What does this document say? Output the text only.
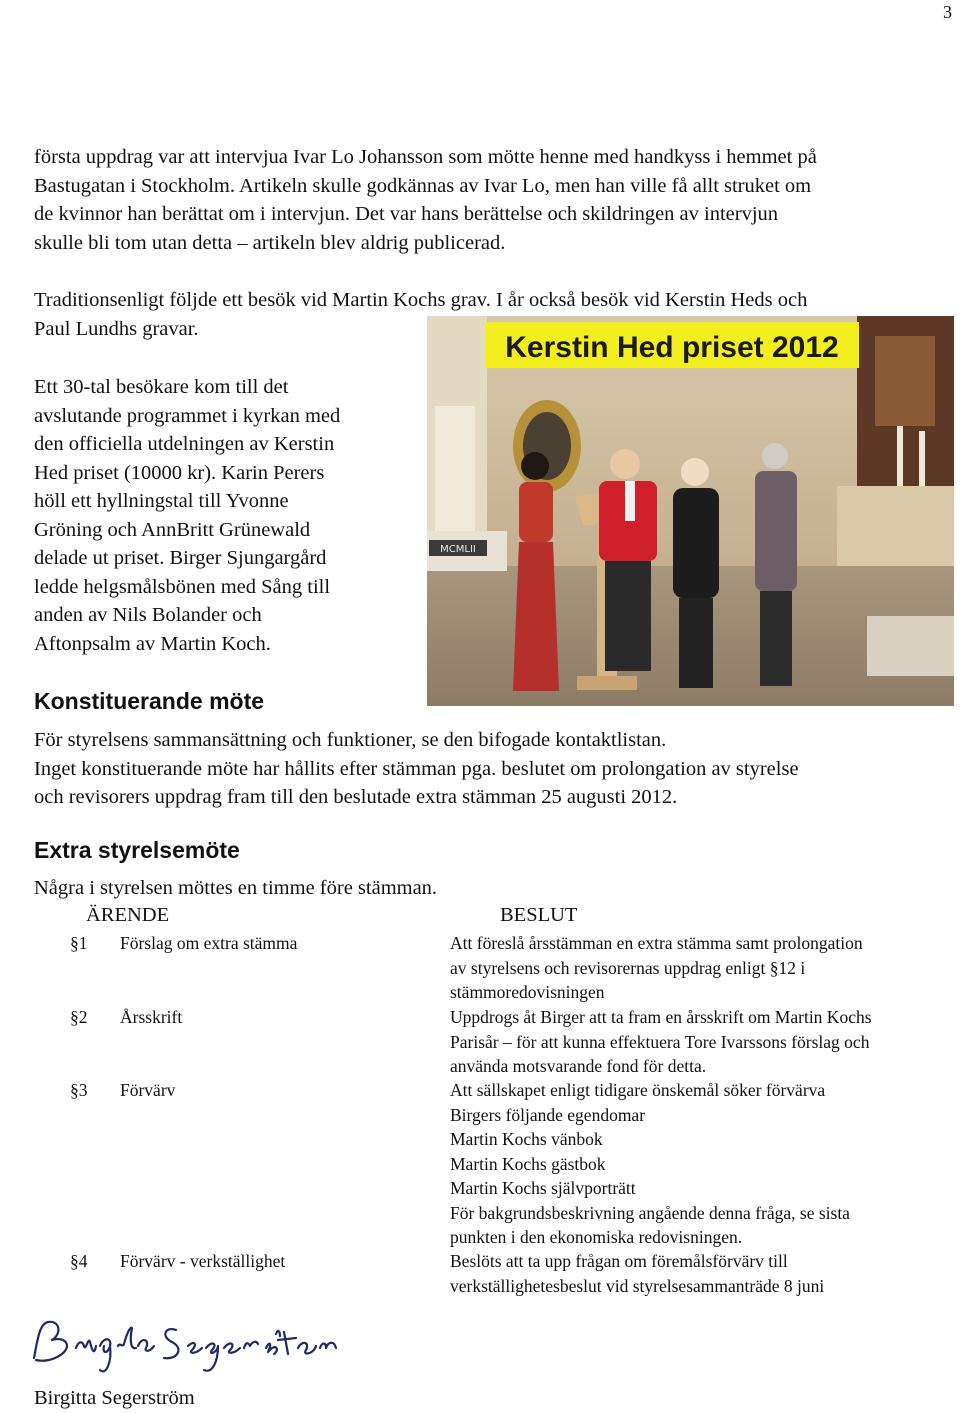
3
första uppdrag var att intervjua Ivar Lo Johansson som mötte henne med handkyss i hemmet på
Bastugatan i Stockholm. Artikeln skulle godkännas av Ivar Lo, men han ville få allt struket om
de kvinnor han berättat om i intervjun. Det var hans berättelse och skildringen av intervjun
skulle bli tom utan detta – artikeln blev aldrig publicerad.
Traditionsenligt följde ett besök vid Martin Kochs grav. I år också besök vid Kerstin Heds och
Paul Lundhs gravar.
Ett 30-tal besökare kom till det
avslutande programmet i kyrkan med
den officiella utdelningen av Kerstin
Hed priset (10000 kr). Karin Perers
höll ett hyllningstal till Yvonne
Gröning och AnnBritt Grünewald
delade ut priset. Birger Sjungargård
ledde helgsmålsbönen med Sång till
anden av Nils Bolander och
Aftonpsalm av Martin Koch.
MCMLII
Kerstin Hed priset 2012
Konstituerande möte
För styrelsens sammansättning och funktioner, se den bifogade kontaktlistan.
Inget konstituerande möte har hållits efter stämman pga. beslutet om prolongation av styrelse
och revisorers uppdrag fram till den beslutade extra stämman 25 augusti 2012.
Extra styrelsemöte
Några i styrelsen möttes en timme före stämman.
ÄRENDE	BESLUT
§1 Förslag om extra stämma	Att föreslå årsstämman en extra stämma samt prolongation
av styrelsens och revisorernas uppdrag enligt §12 i
stämmoredovisningen
§2 Årsskrift	Uppdrogs åt Birger att ta fram en årsskrift om Martin Kochs
Parisår – för att kunna effektuera Tore Ivarssons förslag och
använda motsvarande fond för detta.
§3 Förvärv	Att sällskapet enligt tidigare önskemål söker förvärva
Birgers följande egendomar
Martin Kochs vänbok
Martin Kochs gästbok
Martin Kochs självporträtt
För bakgrundsbeskrivning angående denna fråga, se sista
punkten i den ekonomiska redovisningen.
§4 Förvärv - verkställighet	Beslöts att ta upp frågan om föremålsförvärv till
verkställighetesbeslut vid styrelsesammanträde 8 juni
Birgitta Segerström
